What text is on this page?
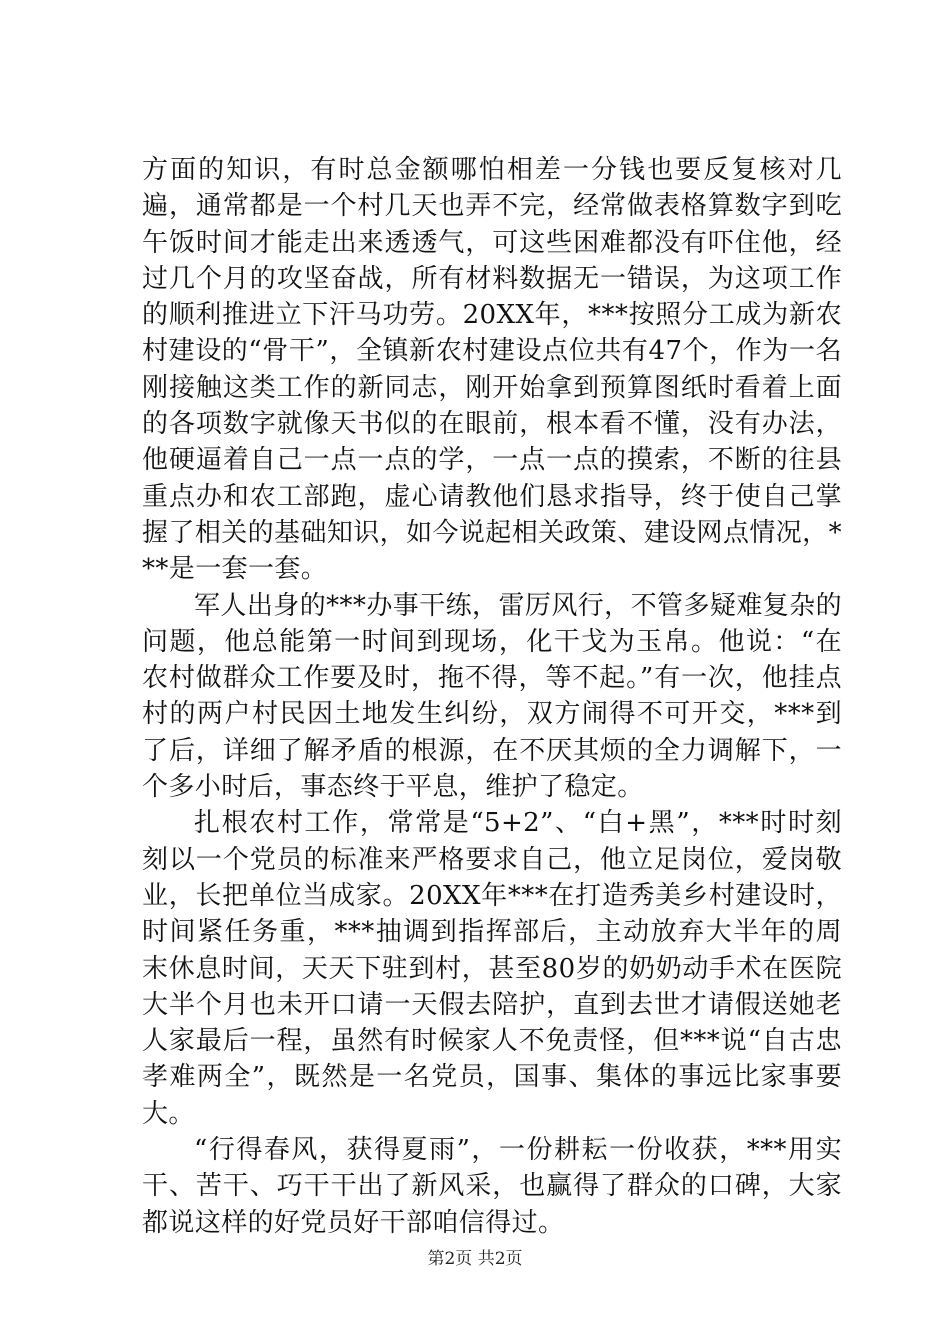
方面的知识，有时总金额哪怕相差一分钱也要反复核对几遍，通常都是一个村几天也弄不完，经常做表格算数字到吃午饭时间才能走出来透透气，可这些困难都没有吓住他，经过几个月的攻坚奋战，所有材料数据无一错误，为这项工作的顺利推进立下汗马功劳。20XX年，***按照分工成为新农村建设的“骨干”，全镇新农村建设点位共有47个，作为一名刚接触这类工作的新同志，刚开始拿到预算图纸时看着上面的各项数字就像天书似的在眼前，根本看不懂，没有办法，他硬逼着自己一点一点的学，一点一点的摸索，不断的往县重点办和农工部跑，虚心请教他们恳求指导，终于使自己掌握了相关的基础知识，如今说起相关政策、建设网点情况，***是一套一套。

军人出身的***办事干练，雷厉风行，不管多疑难复杂的问题，他总能第一时间到现场，化干戈为玉帛。他说：“在农村做群众工作要及时，拖不得，等不起。”有一次，他挂点村的两户村民因土地发生纠纷，双方闹得不可开交，***到了后，详细了解矛盾的根源，在不厌其烦的全力调解下，一个多小时后，事态终于平息，维护了稳定。

扎根农村工作，常常是“5+2”、“白+黑”，***时时刻刻以一个党员的标准来严格要求自己，他立足岗位，爱岗敬业，长把单位当成家。20XX年***在打造秀美乡村建设时，时间紧任务重，***抽调到指挥部后，主动放弃大半年的周末休息时间，天天下驻到村，甚至80岁的奶奶动手术在医院大半个月也未开口请一天假去陪护，直到去世才请假送她老人家最后一程，虽然有时候家人不免责怪，但***说“自古忠孝难两全”，既然是一名党员，国事、集体的事远比家事要大。

“行得春风，获得夏雨”，一份耕耘一份收获，***用实干、苦干、巧干干出了新风采，也赢得了群众的口碑，大家都说这样的好党员好干部咱信得过。

第2页 共2页
